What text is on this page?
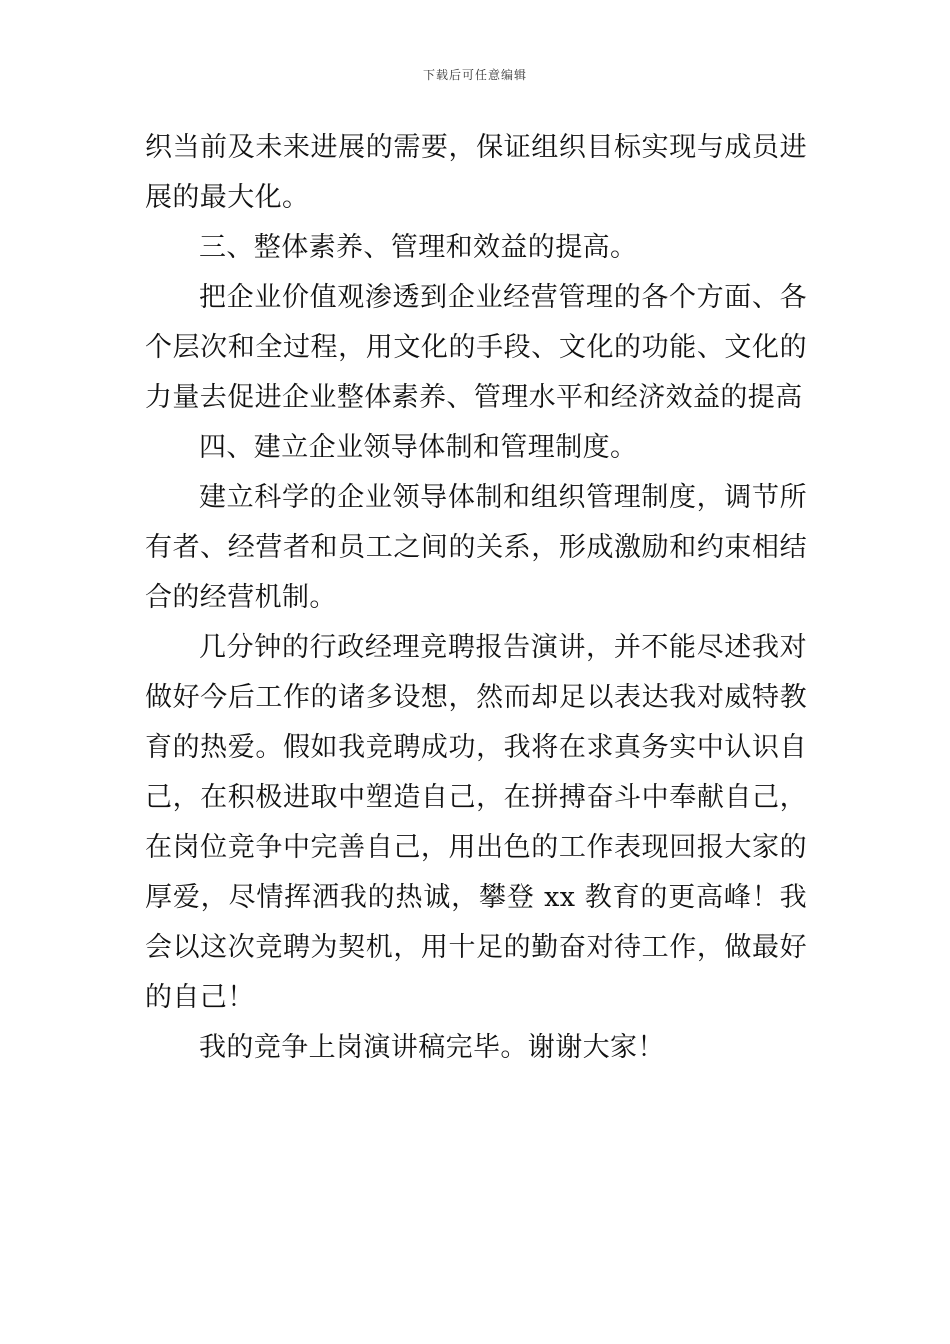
下载后可任意编辑

织当前及未来进展的需要，保证组织目标实现与成员进展的最大化。

三、整体素养、管理和效益的提高。

把企业价值观渗透到企业经营管理的各个方面、各个层次和全过程，用文化的手段、文化的功能、文化的力量去促进企业整体素养、管理水平和经济效益的提高

四、建立企业领导体制和管理制度。

建立科学的企业领导体制和组织管理制度，调节所有者、经营者和员工之间的关系，形成激励和约束相结合的经营机制。

几分钟的行政经理竞聘报告演讲，并不能尽述我对做好今后工作的诸多设想，然而却足以表达我对威特教育的热爱。假如我竞聘成功，我将在求真务实中认识自己，在积极进取中塑造自己，在拼搏奋斗中奉献自己，在岗位竞争中完善自己，用出色的工作表现回报大家的厚爱，尽情挥洒我的热诚，攀登 xx 教育的更高峰！我会以这次竞聘为契机，用十足的勤奋对待工作，做最好的自己！

我的竞争上岗演讲稿完毕。谢谢大家！
